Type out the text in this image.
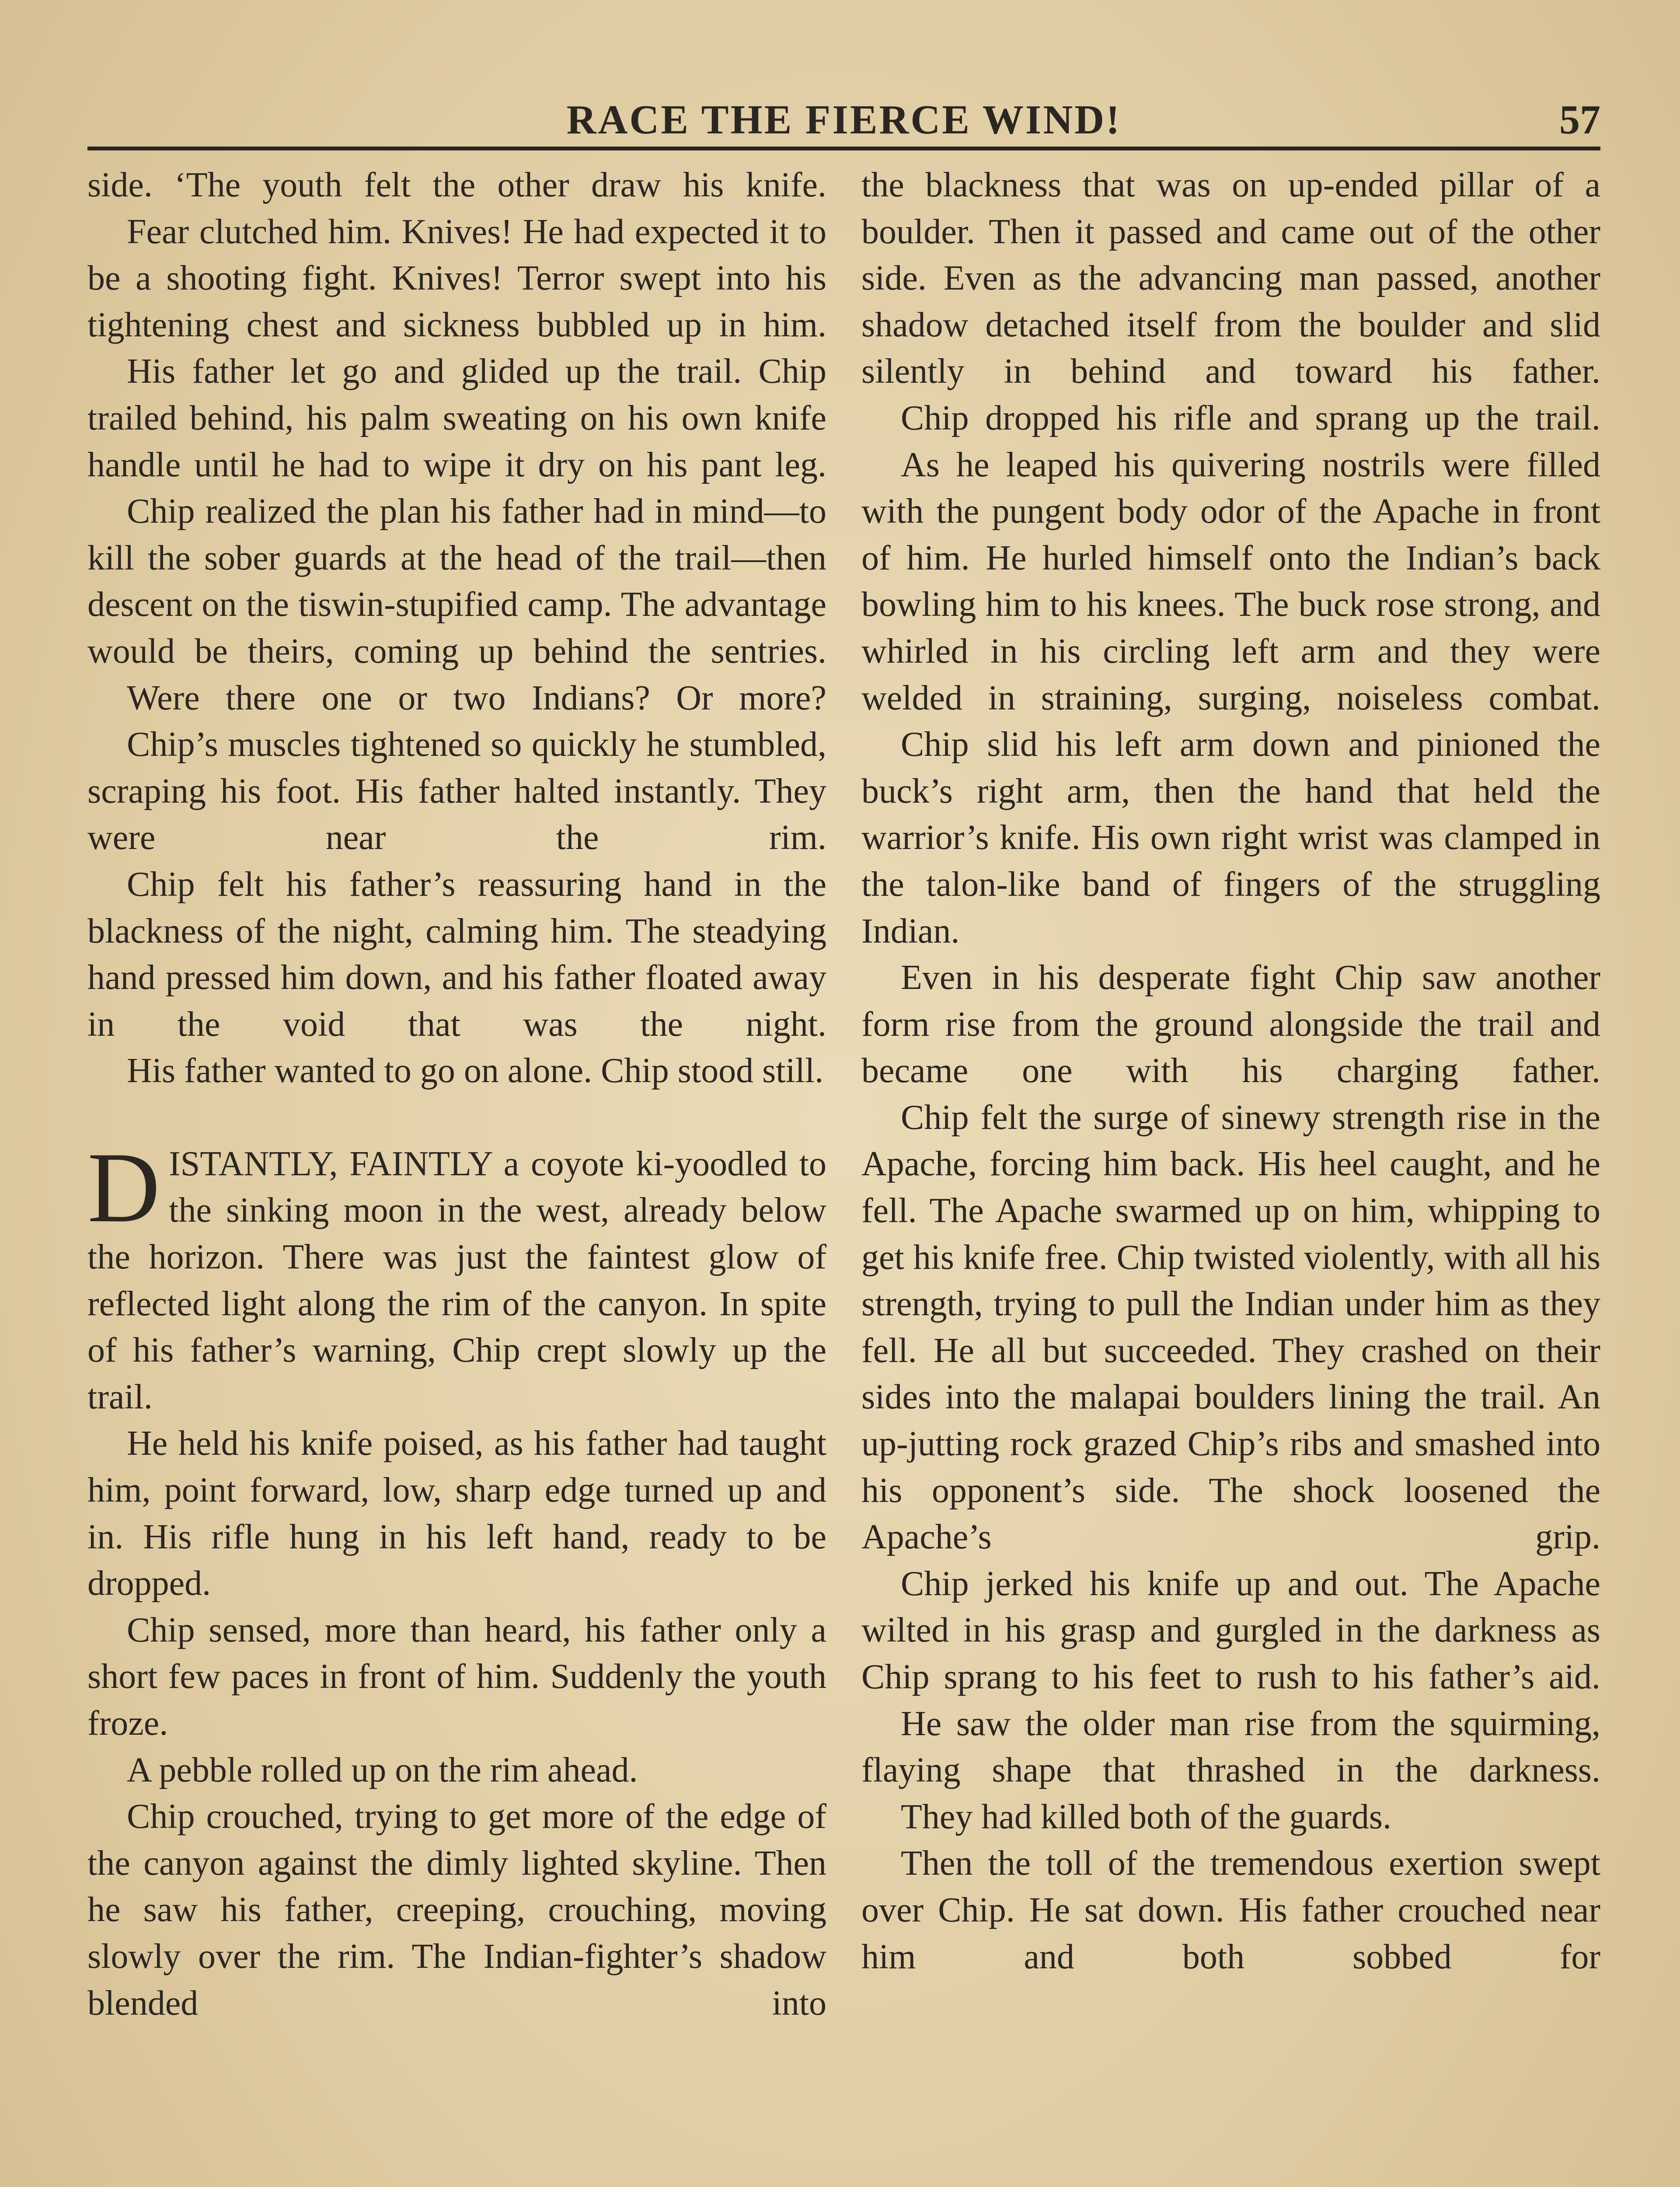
RACE THE FIERCE WIND!	57

side. ‘The youth felt the other draw his knife.

Fear clutched him. Knives! He had expected it to be a shooting fight. Knives! Terror swept into his tightening chest and sickness bubbled up in him.

His father let go and glided up the trail. Chip trailed behind, his palm sweating on his own knife handle until he had to wipe it dry on his pant leg.

Chip realized the plan his father had in mind—to kill the sober guards at the head of the trail—then descent on the tiswin-stupified camp. The advantage would be theirs, coming up behind the sentries.

Were there one or two Indians? Or more?

Chip’s muscles tightened so quickly he stumbled, scraping his foot. His father halted instantly. They were near the rim.

Chip felt his father’s reassuring hand in the blackness of the night, calming him. The steadying hand pressed him down, and his father floated away in the void that was the night.

His father wanted to go on alone. Chip stood still.

DISTANTLY, FAINTLY a coyote ki-yoodled to the sinking moon in the west, already below the horizon. There was just the faintest glow of reflected light along the rim of the canyon. In spite of his father’s warning, Chip crept slowly up the trail.

He held his knife poised, as his father had taught him, point forward, low, sharp edge turned up and in. His rifle hung in his left hand, ready to be dropped.

Chip sensed, more than heard, his father only a short few paces in front of him. Suddenly the youth froze.

A pebble rolled up on the rim ahead.

Chip crouched, trying to get more of the edge of the canyon against the dimly lighted skyline. Then he saw his father, creeping, crouching, moving slowly over the rim. The Indian-fighter’s shadow blended into

the blackness that was on up-ended pillar of a boulder. Then it passed and came out of the other side. Even as the advancing man passed, another shadow detached itself from the boulder and slid silently in behind and toward his father.

Chip dropped his rifle and sprang up the trail.

As he leaped his quivering nostrils were filled with the pungent body odor of the Apache in front of him. He hurled himself onto the Indian’s back bowling him to his knees. The buck rose strong, and whirled in his circling left arm and they were welded in straining, surging, noiseless combat.

Chip slid his left arm down and pinioned the buck’s right arm, then the hand that held the warrior’s knife. His own right wrist was clamped in the talon-like band of fingers of the struggling Indian.

Even in his desperate fight Chip saw another form rise from the ground alongside the trail and became one with his charging father.

Chip felt the surge of sinewy strength rise in the Apache, forcing him back. His heel caught, and he fell. The Apache swarmed up on him, whipping to get his knife free. Chip twisted violently, with all his strength, trying to pull the Indian under him as they fell. He all but succeeded. They crashed on their sides into the malapai boulders lining the trail. An up-jutting rock grazed Chip’s ribs and smashed into his opponent’s side. The shock loosened the Apache’s grip.

Chip jerked his knife up and out. The Apache wilted in his grasp and gurgled in the darkness as Chip sprang to his feet to rush to his father’s aid.

He saw the older man rise from the squirming, flaying shape that thrashed in the darkness.

They had killed both of the guards.

Then the toll of the tremendous exertion swept over Chip. He sat down. His father crouched near him and both sobbed for
